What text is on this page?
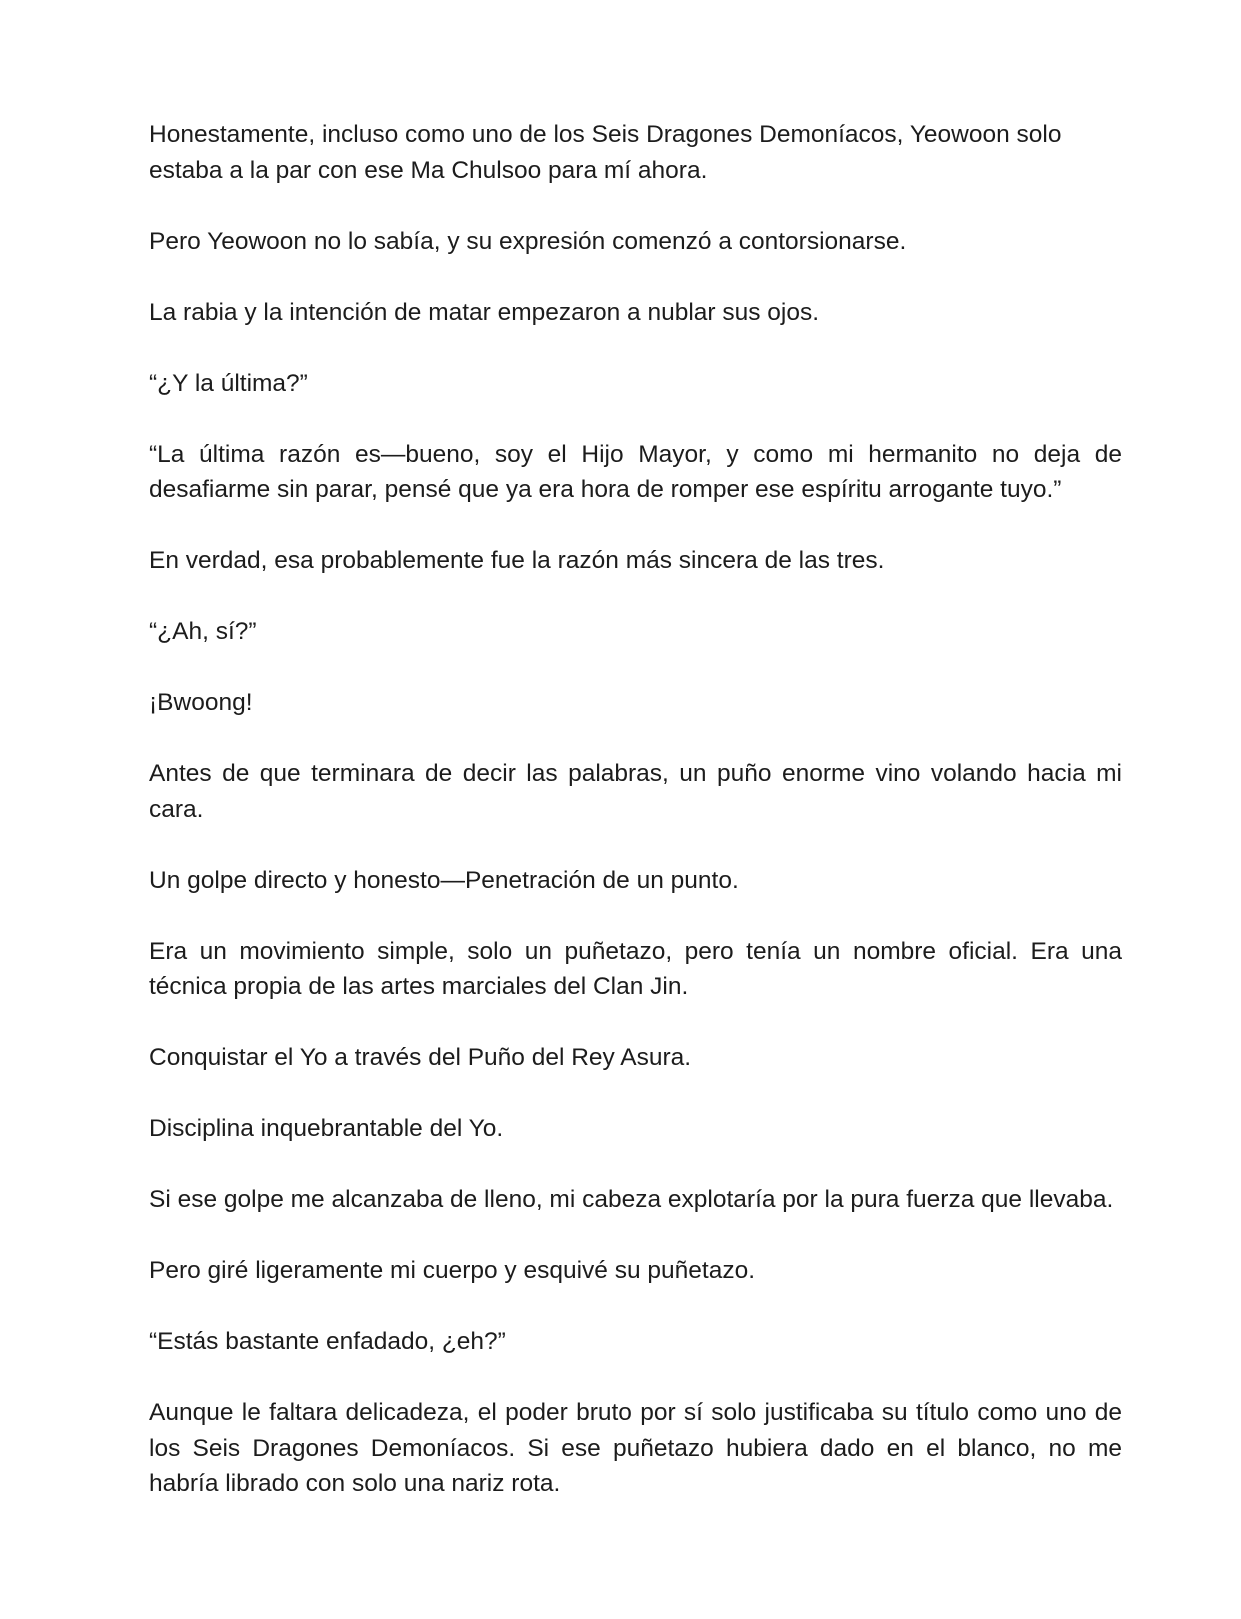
Honestamente, incluso como uno de los Seis Dragones Demoníacos, Yeowoon solo estaba a la par con ese Ma Chulsoo para mí ahora.

Pero Yeowoon no lo sabía, y su expresión comenzó a contorsionarse.

La rabia y la intención de matar empezaron a nublar sus ojos.

“¿Y la última?”

“La última razón es—bueno, soy el Hijo Mayor, y como mi hermanito no deja de desafiarme sin parar, pensé que ya era hora de romper ese espíritu arrogante tuyo.”

En verdad, esa probablemente fue la razón más sincera de las tres.

“¿Ah, sí?”

¡Bwoong!

Antes de que terminara de decir las palabras, un puño enorme vino volando hacia mi cara.

Un golpe directo y honesto—Penetración de un punto.

Era un movimiento simple, solo un puñetazo, pero tenía un nombre oficial. Era una técnica propia de las artes marciales del Clan Jin.

Conquistar el Yo a través del Puño del Rey Asura.

Disciplina inquebrantable del Yo.

Si ese golpe me alcanzaba de lleno, mi cabeza explotaría por la pura fuerza que llevaba.

Pero giré ligeramente mi cuerpo y esquivé su puñetazo.

“Estás bastante enfadado, ¿eh?”

Aunque le faltara delicadeza, el poder bruto por sí solo justificaba su título como uno de los Seis Dragones Demoníacos. Si ese puñetazo hubiera dado en el blanco, no me habría librado con solo una nariz rota.
